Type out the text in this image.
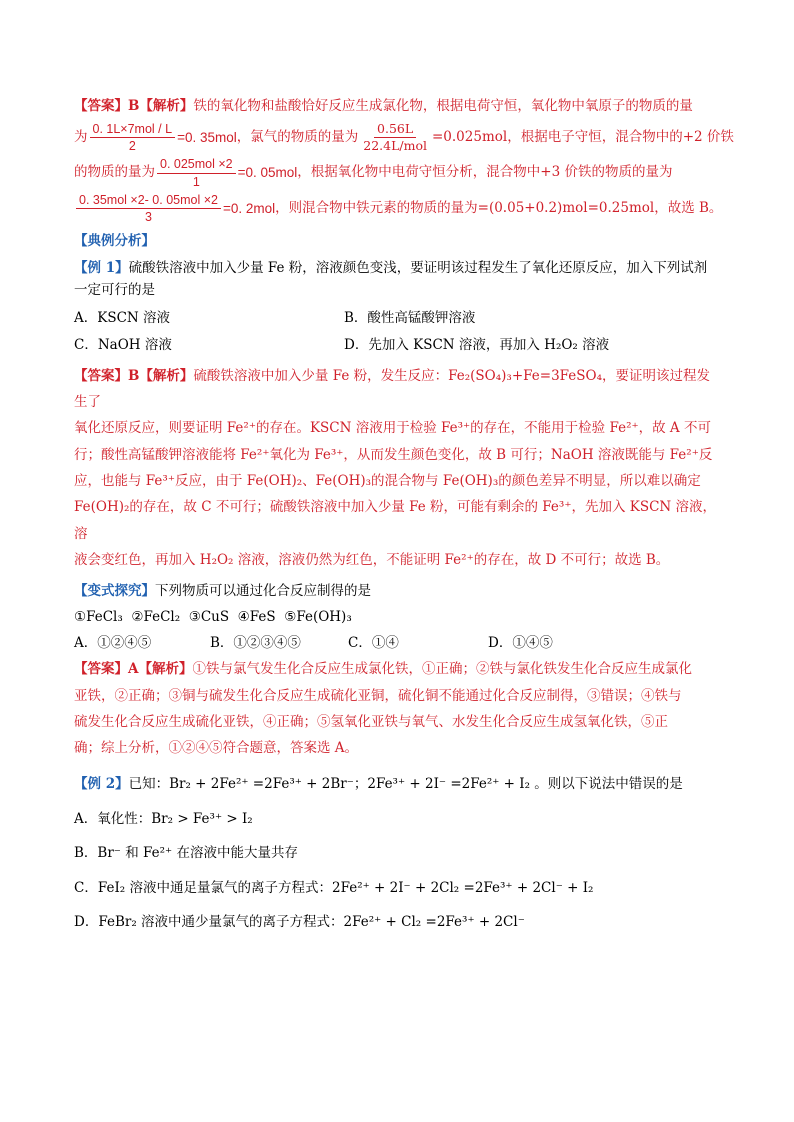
【答案】B【解析】铁的氧化物和盐酸恰好反应生成氯化物，根据电荷守恒，氧化物中氧原子的物质的量

为 $\frac{\text{0. 1L×7mol / L}}{2} =0$. 35mol ，氯气的物质的量为 $\frac{0.56L}{\text{22.4L/mol}} =0.025mol$ ，根据电子守恒，混合物中的+2 价铁
的物质的量为 $\frac{\text{0. 025mol ×2}}{1} =0$. 05mol ，根据氧化物中电荷守恒分析，混合物中+3 价铁的物质的量为
$\frac{\text{0. 35mol ×2- 0. 05mol ×2}}{3} =0$. 2mol ，则混合物中铁元素的物质的量为=(0.05+0.2)mol=0.25mol，故选 B。

【典例分析】

【例 1】硫酸铁溶液中加入少量 Fe 粉，溶液颜色变浅，要证明该过程发生了氧化还原反应，加入下列试剂

一定可行的是

A．KSCN 溶液	B．酸性高锰酸钾溶液
C．NaOH 溶液	D．先加入 KSCN 溶液，再加入 H₂O₂ 溶液

【答案】B【解析】硫酸铁溶液中加入少量 Fe 粉，发生反应：Fe₂(SO₄)₃+Fe=3FeSO₄，要证明该过程发生了

氧化还原反应，则要证明 Fe²⁺的存在。KSCN 溶液用于检验 Fe³⁺的存在，不能用于检验 Fe²⁺，故 A 不可

行；酸性高锰酸钾溶液能将 Fe²⁺氧化为 Fe³⁺，从而发生颜色变化，故 B 可行；NaOH 溶液既能与 Fe²⁺反

应，也能与 Fe³⁺反应，由于 Fe(OH)₂、Fe(OH)₃的混合物与 Fe(OH)₃的颜色差异不明显，所以难以确定

Fe(OH)₂的存在，故 C 不可行；硫酸铁溶液中加入少量 Fe 粉，可能有剩余的 Fe³⁺，先加入 KSCN 溶液，溶

液会变红色，再加入 H₂O₂ 溶液，溶液仍然为红色，不能证明 Fe²⁺的存在，故 D 不可行；故选 B。

【变式探究】下列物质可以通过化合反应制得的是

①FeCl₃  ②FeCl₂  ③CuS  ④FeS  ⑤Fe(OH)₃

A．①②④⑤	B．①②③④⑤	C．①④	D．①④⑤

【答案】A【解析】①铁与氯气发生化合反应生成氯化铁，①正确；②铁与氯化铁发生化合反应生成氯化

亚铁，②正确；③铜与硫发生化合反应生成硫化亚铜，硫化铜不能通过化合反应制得，③错误；④铁与

硫发生化合反应生成硫化亚铁，④正确；⑤氢氧化亚铁与氧气、水发生化合反应生成氢氧化铁，⑤正

确；综上分析，①②④⑤符合题意，答案选 A。

【例 2】已知：Br₂ + 2Fe²⁺ =2Fe³⁺ + 2Br⁻；2Fe³⁺ + 2I⁻ =2Fe²⁺ + I₂ 。则以下说法中错误的是

A．氧化性：Br₂ > Fe³⁺ > I₂

B．Br⁻ 和 Fe²⁺ 在溶液中能大量共存

C．FeI₂ 溶液中通足量氯气的离子方程式：2Fe²⁺ + 2I⁻ + 2Cl₂ =2Fe³⁺ + 2Cl⁻ + I₂

D．FeBr₂ 溶液中通少量氯气的离子方程式：2Fe²⁺ + Cl₂ =2Fe³⁺ + 2Cl⁻
